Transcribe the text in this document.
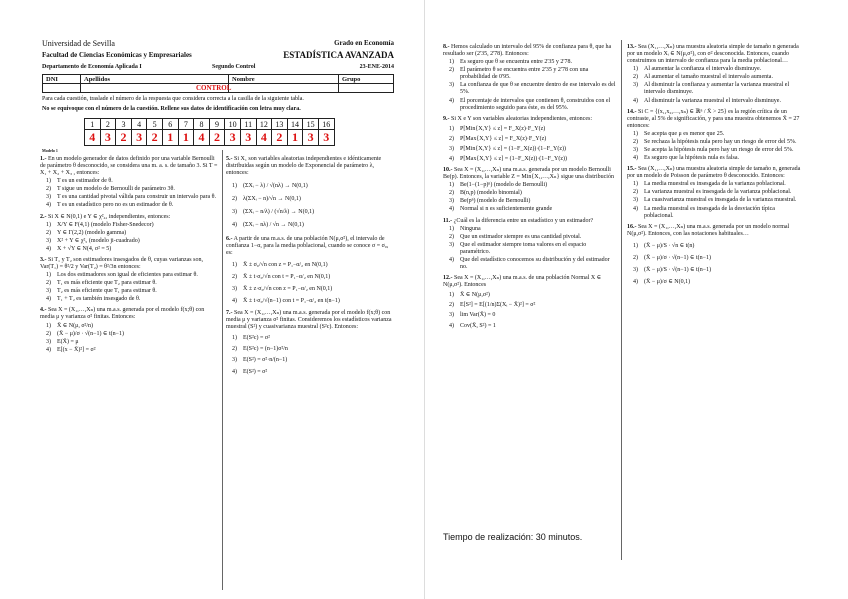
Universidad de Sevilla	Grado en Economía
Facultad de Ciencias Económicas y Empresariales	ESTADÍSTICA AVANZADA
Departamento de Economía Aplicada I	Segundo Control	23-ENE-2014
DNI	Apellidos	Nombre	Grupo

CONTROL
Para cada cuestión, traslade el número de la respuesta que considera correcta a la casilla de la siguiente tabla.
No se equivoque con el número de la cuestión. Rellene sus datos de identificación con letra muy clara.
1	2	3	4	5	6	7	8	9	10	11	12	13	14	15	16
4	3	2	3	2	1	1	4	2	3	3	4	2	1	3	3
Modelo 1
1.- En un modelo generador de datos definido por una variable Bernoulli de parámetro θ desconocido, se considera una m. a. s. de tamaño 3. Si T = X₁ + X₂ + X₃ , entonces:
1)	T es un estimador de θ.
2)	T sigue un modelo de Bernoulli de parámetro 3θ.
3)	T es una cantidad pivotal válida para construir un intervalo para θ.
4)	T es un estadístico pero no es un estimador de θ.
2.- Si X ∈ N(0,1) e Y ∈ χ²₄, independientes, entonces:
1)	X/Y ∈ F(4,1) (modelo Fisher-Snedecor)
2)	Y ∈ Γ(2,2) (modelo gamma)
3)	X² + Y ∈ χ²₅ (modelo ji-cuadrado)
4)	X + √Y ∈ N(4, σ² = 5)
3.- Si T₁ y T₂ son estimadores insesgados de θ, cuyas varianzas son, Var(T₁) = θ²/2 y Var(T₂) = θ²/3n entonces:
1)	Los dos estimadores son igual de eficientes para estimar θ.
2)	T₁ es más eficiente que T₂ para estimar θ.
3)	T₂ es más eficiente que T₁ para estimar θ.
4)	T₁ + T₂ es también insesgado de θ.
4.- Sea X = (X₁,…,Xₙ) una m.a.s. generada por el modelo f(x;θ) con media μ y varianza σ² finitas. Entonces:
1)	X̄ ∈ N(μ, σ²/n)
2)	(X̄ − μ)/σ · √(n−1) ∈ t(n−1)
3)	E(X̄) = μ
4)	E[(x − X̄)²] = σ²
5.- Si X₁ son variables aleatorias independientes e idénticamente distribuidas según un modelo de Exponencial de parámetro λ, entonces:
1)	(ΣXᵢ − λ) / √(nλ) → N(0,1)
2)	λ(ΣXᵢ − n)/√n → N(0,1)
3)	(ΣXᵢ − n/λ) / (√n/λ) → N(0,1)
4)	(ΣXᵢ − nλ) / √n → N(0,1)
6.- A partir de una m.a.s. de una población N(μ,σ²), el intervalo de confianza 1−α, para la media poblacional, cuando se conoce σ = σ₀, es:
1)	X̄ ± σ₀/√n con z = P₁₋α/₂ en N(0,1)
2)	X̄ ± t·σ₀/√n con t = P₁₋α/₂ en N(0,1)
3)	X̄ ± z·σ₀/√n con z = P₁₋α/₂ en N(0,1)
4)	X̄ ± t·σ₀/√(n−1) con t = P₁₋α/₂ en t(n−1)
7.- Sea X = (X₁,…,Xₙ) una m.a.s. generada por el modelo f(x;θ) con media μ y varianza σ² finitas. Consideremos los estadísticos varianza muestral (S²) y cuasivarianza muestral (S²c). Entonces:
1)	E(S²c) = σ²
2)	E(S²c) = (n−1)σ²/n
3)	E(S²) = σ²·n/(n−1)
4)	E(S²) = σ²
8.- Hemos calculado un intervalo del 95% de confianza para θ, que ha resultado ser (2'35, 2'78). Entonces:
1)	Es seguro que θ se encuentra entre 2'35 y 2'78.
2)	El parámetro θ se encuentra entre 2'35 y 2'78 con una probabilidad de 0'95.
3)	La confianza de que θ se encuentre dentro de ese intervalo es del 5%.
4)	El porcentaje de intervalos que contienen θ, construidos con el procedimiento seguido para éste, es del 95%.
9.- Si X e Y son variables aleatorias independientes, entonces:
1)	P[Min{X,Y} ≤ z] = F_X(z)·F_Y(z)
2)	P[Max{X,Y} ≤ z] = F_X(z)·F_Y(z)
3)	P[Min{X,Y} ≤ z] = (1−F_X(z))·(1−F_Y(z))
4)	P[Max{X,Y} ≤ z] = (1−F_X(z))·(1−F_Y(z))
10.- Sea X = (X₁,…,Xₙ) una m.a.s. generada por un modelo Bernoulli Be(p). Entonces, la variable Z = Min{X₁,…,Xₙ} sigue una distribución
1)	Be(1−(1−p)ⁿ) (modelo de Bernoulli)
2)	B(n,p) (modelo binomial)
3)	Be(pⁿ) (modelo de Bernoulli)
4)	Normal si n es suficientemente grande
11.- ¿Cuál es la diferencia entre un estadístico y un estimador?
1)	Ninguna
2)	Que un estimador siempre es una cantidad pivotal.
3)	Que el estimador siempre toma valores en el espacio paramétrico.
4)	Que del estadístico conocemos su distribución y del estimador no.
12.- Sea X = (X₁,…,Xₙ) una m.a.s. de una población Normal X ∈ N(μ,σ²). Entonces
1)	X̄ ∈ N(μ,σ²)
2)	E[S²] = E[(1/n)Σ(Xᵢ − X̄)²] = σ²
3)	lim Var(X̄) = 0
4)	Cov(X̄, S²) = 1
13.- Sea (X₁,…,Xₙ) una muestra aleatoria simple de tamaño n generada por un modelo Xᵢ ∈ N(μ,σ²), con σ² desconocida. Entonces, cuando construimos un intervalo de confianza para la media poblacional…
1)	Al aumentar la confianza el intervalo disminuye.
2)	Al aumentar el tamaño muestral el intervalo aumenta.
3)	Al disminuir la confianza y aumentar la varianza muestral el intervalo disminuye.
4)	Al disminuir la varianza muestral el intervalo disminuye.
14.- Si C = {(x₁,x₂,…,xₙ) ∈ ℝⁿ / X̄ > 25} es la región crítica de un contraste, al 5% de significación, y para una muestra obtenemos X̄ = 27 entonces:
1)	Se acepta que μ es menor que 25.
2)	Se rechaza la hipótesis nula pero hay un riesgo de error del 5%.
3)	Se acepta la hipótesis nula pero hay un riesgo de error del 5%.
4)	Es seguro que la hipótesis nula es falsa.
15.- Sea (X₁,…,Xₙ) una muestra aleatoria simple de tamaño n, generada por un modelo de Poisson de parámetro θ desconocido. Entonces:
1)	La media muestral es insesgada de la varianza poblacional.
2)	La varianza muestral es insesgada de la varianza poblacional.
3)	La cuasivarianza muestral es insesgada de la varianza muestral.
4)	La media muestral es insesgada de la desviación típica poblacional.
16.- Sea X = (X₁,…,Xₙ) una m.a.s. generada por un modelo normal N(μ,σ²). Entonces, con las notaciones habituales…
1)	(X̄ − μ)/S · √n ∈ t(n)
2)	(X̄ − μ)/σ · √(n−1) ∈ t(n−1)
3)	(X̄ − μ)/S · √(n−1) ∈ t(n−1)
4)	(X̄ − μ)/σ ∈ N(0,1)
Tiempo de realización: 30 minutos.
